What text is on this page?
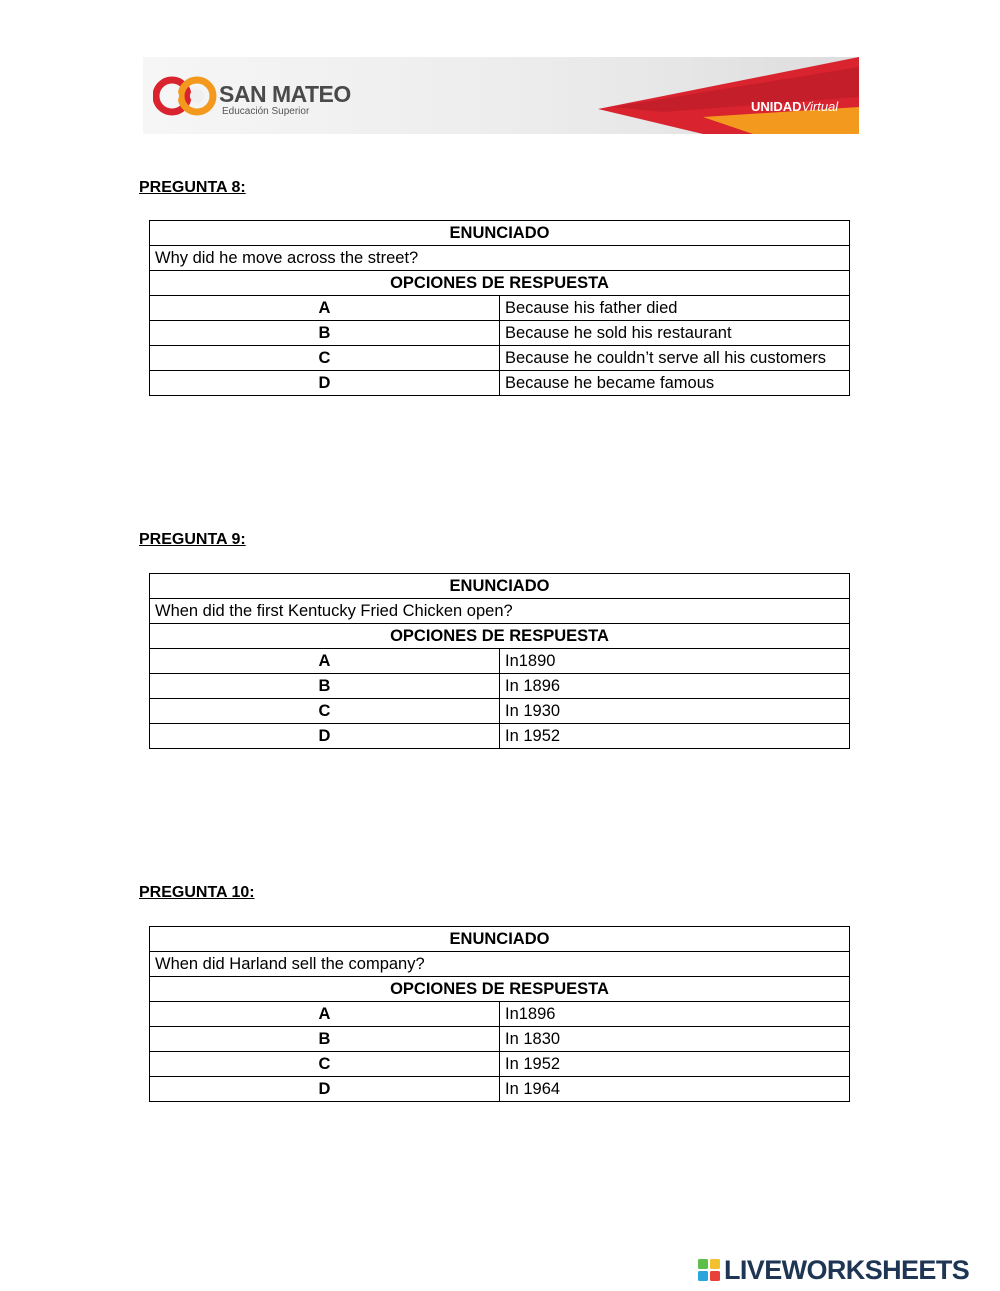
SAN MATEO
Educación Superior	UNIDADVirtual
PREGUNTA 8:
ENUNCIADO	
Why did he move across the street?	
OPCIONES DE RESPUESTA	
A	Because his father died
B	Because he sold his restaurant
C	Because he couldn’t serve all his customers
D	Because he became famous
PREGUNTA 9:
ENUNCIADO	
When did the first Kentucky Fried Chicken open?	
OPCIONES DE RESPUESTA	
A	In1890
B	In 1896
C	In 1930
D	In 1952
PREGUNTA 10:
ENUNCIADO	
When did Harland sell the company?	
OPCIONES DE RESPUESTA	
A	In1896
B	In 1830
C	In 1952
D	In 1964
LIVEWORKSHEETS
